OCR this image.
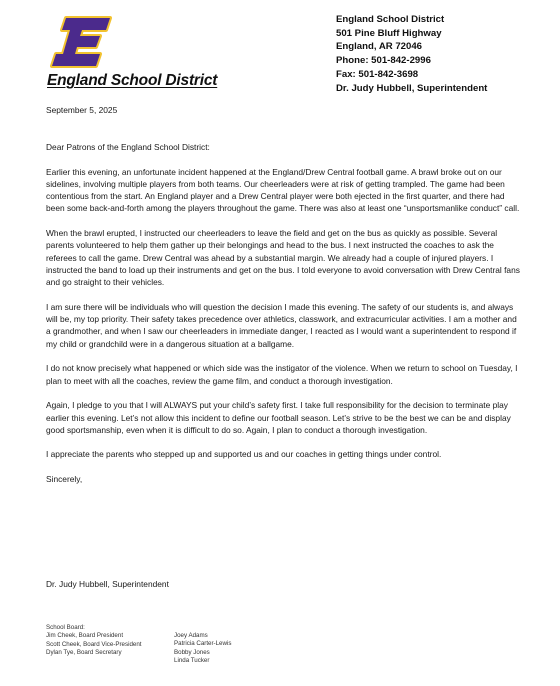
England School District
England School District
501 Pine Bluff Highway
England, AR 72046
Phone: 501-842-2996
Fax: 501-842-3698
Dr. Judy Hubbell, Superintendent
September 5, 2025

Dear Patrons of the England School District:

Earlier this evening, an unfortunate incident happened at the England/Drew Central football game. A brawl broke out on our sidelines, involving multiple players from both teams. Our cheerleaders were at risk of getting trampled. The game had been contentious from the start. An England player and a Drew Central player were both ejected in the first quarter, and there had been some back-and-forth among the players throughout the game. There was also at least one “unsportsmanlike conduct” call.

When the brawl erupted, I instructed our cheerleaders to leave the field and get on the bus as quickly as possible. Several parents volunteered to help them gather up their belongings and head to the bus. I next instructed the coaches to ask the referees to call the game. Drew Central was ahead by a substantial margin. We already had a couple of injured players. I instructed the band to load up their instruments and get on the bus. I told everyone to avoid conversation with Drew Central fans and go straight to their vehicles.

I am sure there will be individuals who will question the decision I made this evening. The safety of our students is, and always will be, my top priority. Their safety takes precedence over athletics, classwork, and extracurricular activities. I am a mother and a grandmother, and when I saw our cheerleaders in immediate danger, I reacted as I would want a superintendent to respond if my child or grandchild were in a dangerous situation at a ballgame.

I do not know precisely what happened or which side was the instigator of the violence. When we return to school on Tuesday, I plan to meet with all the coaches, review the game film, and conduct a thorough investigation.

Again, I pledge to you that I will ALWAYS put your child’s safety first. I take full responsibility for the decision to terminate play earlier this evening. Let’s not allow this incident to define our football season. Let’s strive to be the best we can be and display good sportsmanship, even when it is difficult to do so. Again, I plan to conduct a thorough investigation.

I appreciate the parents who stepped up and supported us and our coaches in getting things under control.

Sincerely,

Dr. Judy Hubbell, Superintendent
School Board:
Jim Cheek, Board President
Scott Cheek, Board Vice-President
Dylan Tye, Board Secretary
Joey Adams
Patricia Carter-Lewis
Bobby Jones
Linda Tucker
